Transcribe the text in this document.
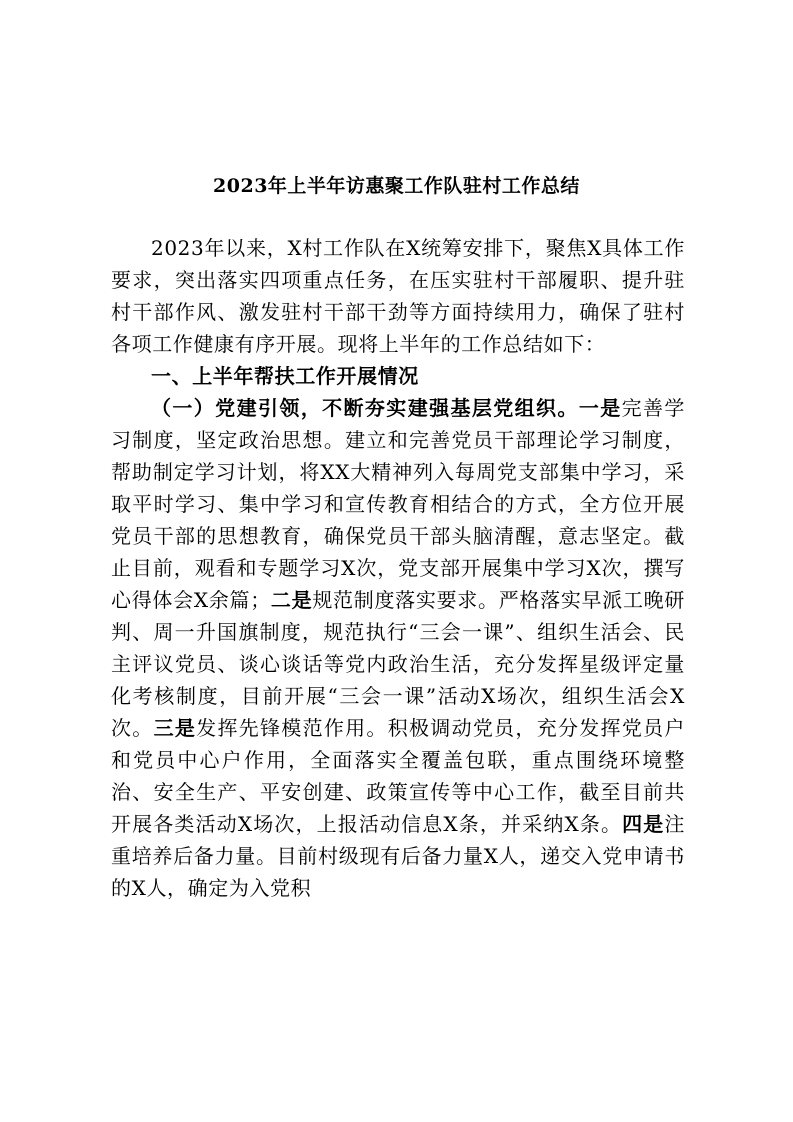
2023年上半年访惠聚工作队驻村工作总结

2023年以来，X村工作队在X统筹安排下，聚焦X具体工作要求，突出落实四项重点任务，在压实驻村干部履职、提升驻村干部作风、激发驻村干部干劲等方面持续用力，确保了驻村各项工作健康有序开展。现将上半年的工作总结如下：

一、上半年帮扶工作开展情况

（一）党建引领，不断夯实建强基层党组织。一是完善学习制度，坚定政治思想。建立和完善党员干部理论学习制度，帮助制定学习计划，将XX大精神列入每周党支部集中学习，采取平时学习、集中学习和宣传教育相结合的方式，全方位开展党员干部的思想教育，确保党员干部头脑清醒，意志坚定。截止目前，观看和专题学习X次，党支部开展集中学习X次，撰写心得体会X余篇；二是规范制度落实要求。严格落实早派工晚研判、周一升国旗制度，规范执行“三会一课”、组织生活会、民主评议党员、谈心谈话等党内政治生活，充分发挥星级评定量化考核制度，目前开展“三会一课”活动X场次，组织生活会X次。三是发挥先锋模范作用。积极调动党员，充分发挥党员户和党员中心户作用，全面落实全覆盖包联，重点围绕环境整治、安全生产、平安创建、政策宣传等中心工作，截至目前共开展各类活动X场次，上报活动信息X条，并采纳X条。四是注重培养后备力量。目前村级现有后备力量X人，递交入党申请书的X人，确定为入党积
